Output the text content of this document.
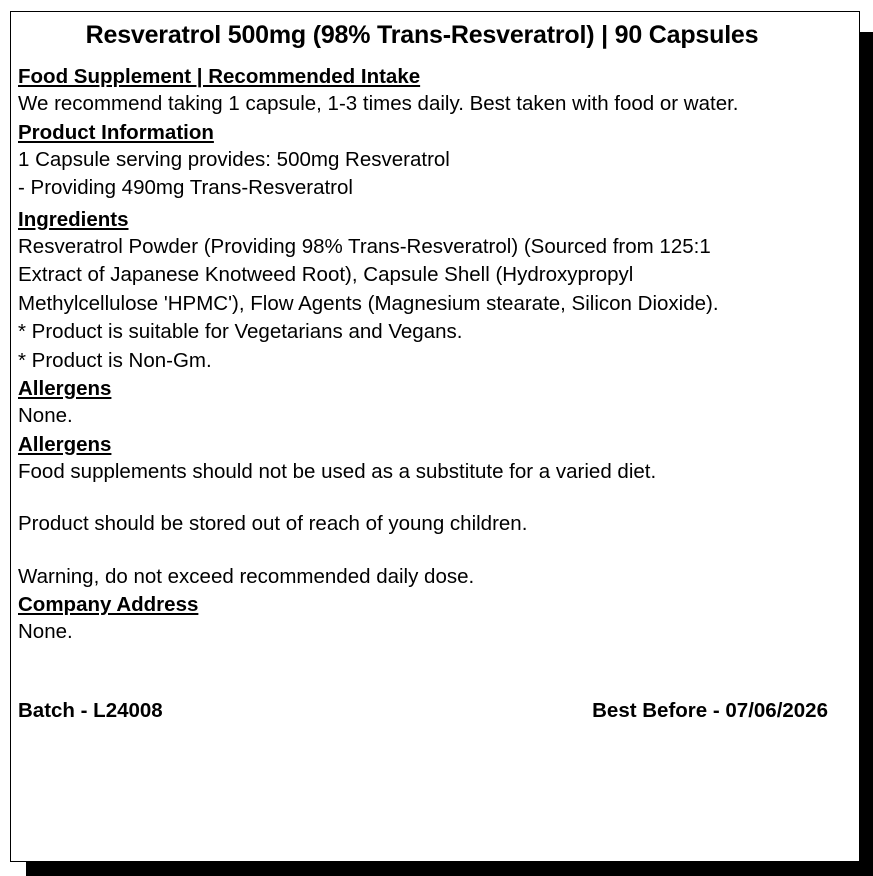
Resveratrol 500mg (98% Trans-Resveratrol) | 90 Capsules
Food Supplement | Recommended Intake
We recommend taking 1 capsule, 1-3 times daily. Best taken with food or water.
Product Information
1 Capsule serving provides: 500mg Resveratrol
- Providing 490mg Trans-Resveratrol
Ingredients
Resveratrol Powder (Providing 98% Trans-Resveratrol) (Sourced from 125:1
Extract of Japanese Knotweed Root), Capsule Shell (Hydroxypropyl
Methylcellulose 'HPMC'), Flow Agents (Magnesium stearate, Silicon Dioxide).
* Product is suitable for Vegetarians and Vegans.
* Product is Non-Gm.
Allergens
None.
Allergens
Food supplements should not be used as a substitute for a varied diet.
Product should be stored out of reach of young children.
Warning, do not exceed recommended daily dose.
Company Address
None.
Batch - L24008	Best Before - 07/06/2026
